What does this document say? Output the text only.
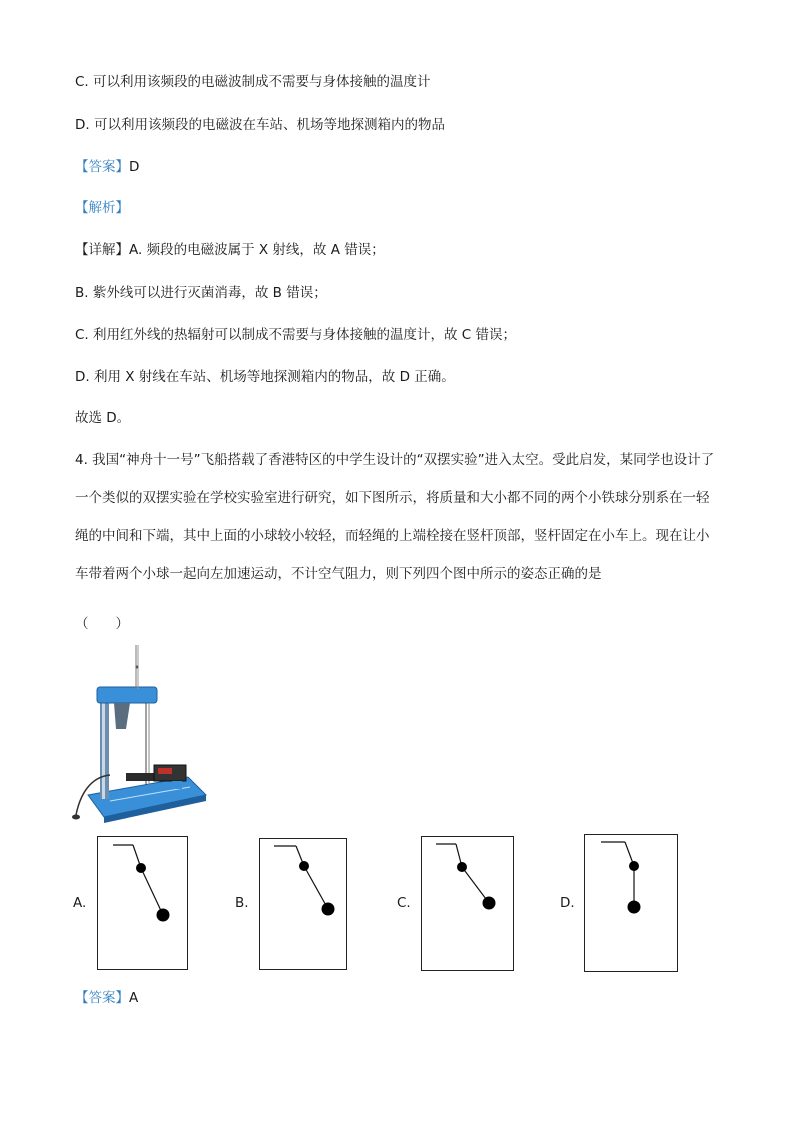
C. 可以利用该频段的电磁波制成不需要与身体接触的温度计
D. 可以利用该频段的电磁波在车站、机场等地探测箱内的物品
【答案】D
【解析】
【详解】A. 频段的电磁波属于 X 射线，故 A 错误；
B. 紫外线可以进行灭菌消毒，故 B 错误；
C. 利用红外线的热辐射可以制成不需要与身体接触的温度计，故 C 错误；
D. 利用 X 射线在车站、机场等地探测箱内的物品，故 D 正确。
故选 D。
4. 我国“神舟十一号”飞船搭载了香港特区的中学生设计的“双摆实验”进入太空。受此启发，某同学也设计了一个类似的双摆实验在学校实验室进行研究，如下图所示，将质量和大小都不同的两个小铁球分别系在一轻绳的中间和下端，其中上面的小球较小较轻，而轻绳的上端栓接在竖杆顶部，竖杆固定在小车上。现在让小车带着两个小球一起向左加速运动，不计空气阻力，则下列四个图中所示的姿态正确的是
（　　）
A.	B.	C.	D.
【答案】A
